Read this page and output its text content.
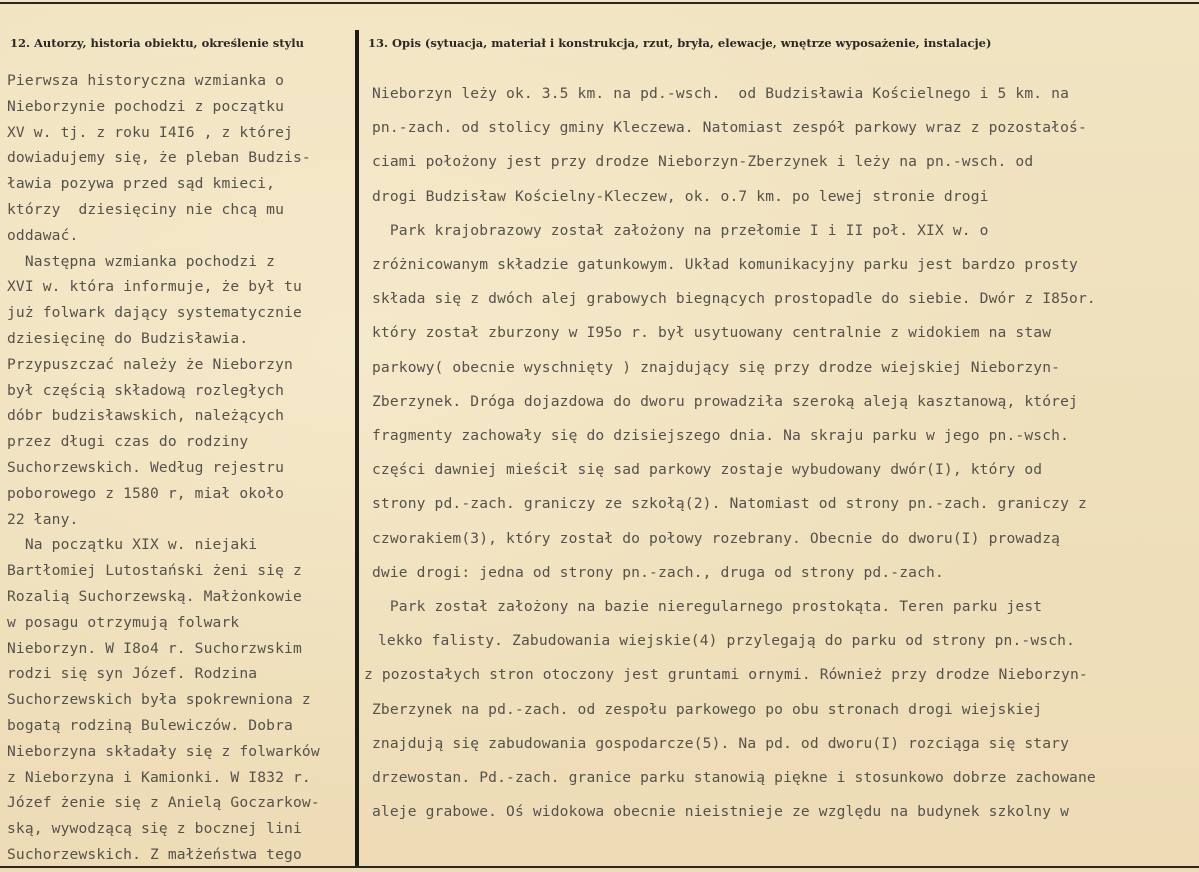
12. Autorzy, historia obiektu, określenie stylu	13. Opis (sytuacja, materiał i konstrukcja, rzut, bryła, elewacje, wnętrze wyposażenie, instalacje)
Pierwsza historyczna wzmianka o
Nieborzynie pochodzi z początku
XV w. tj. z roku I4I6 , z której
dowiadujemy się, że pleban Budzis-
ławia pozywa przed sąd kmieci,
którzy  dziesięciny nie chcą mu
oddawać.
Następna wzmianka pochodzi z
XVI w. która informuje, że był tu
już folwark dający systematycznie
dziesięcinę do Budzisławia.
Przypuszczać należy że Nieborzyn
był częścią składową rozległych
dóbr budzisławskich, należących
przez długi czas do rodziny
Suchorzewskich. Według rejestru
poborowego z 1580 r, miał około
22 łany.
Na początku XIX w. niejaki
Bartłomiej Lutostański żeni się z
Rozalią Suchorzewską. Małżonkowie
w posagu otrzymują folwark
Nieborzyn. W I8o4 r. Suchorzwskim
rodzi się syn Józef. Rodzina
Suchorzewskich była spokrewniona z
bogatą rodziną Bulewiczów. Dobra
Nieborzyna składały się z folwarków
z Nieborzyna i Kamionki. W I832 r.
Józef żenie się z Anielą Goczarkow-
ską, wywodzącą się z bocznej lini
Suchorzewskich. Z małżeństwa tego
Nieborzyn leży ok. 3.5 km. na pd.-wsch.  od Budzisławia Kościelnego i 5 km. na
pn.-zach. od stolicy gminy Kleczewa. Natomiast zespół parkowy wraz z pozostałoś-
ciami położony jest przy drodze Nieborzyn-Zberzynek i leży na pn.-wsch. od
drogi Budzisław Kościelny-Kleczew, ok. o.7 km. po lewej stronie drogi
Park krajobrazowy został założony na przełomie I i II poł. XIX w. o
zróżnicowanym składzie gatunkowym. Układ komunikacyjny parku jest bardzo prosty
składa się z dwóch alej grabowych biegnących prostopadle do siebie. Dwór z I85or.
który został zburzony w I95o r. był usytuowany centralnie z widokiem na staw
parkowy( obecnie wyschnięty ) znajdujący się przy drodze wiejskiej Nieborzyn-
Zberzynek. Dróga dojazdowa do dworu prowadziła szeroką aleją kasztanową, której
fragmenty zachowały się do dzisiejszego dnia. Na skraju parku w jego pn.-wsch.
części dawniej mieścił się sad parkowy zostaje wybudowany dwór(I), który od
strony pd.-zach. graniczy ze szkołą(2). Natomiast od strony pn.-zach. graniczy z
czworakiem(3), który został do połowy rozebrany. Obecnie do dworu(I) prowadzą
dwie drogi: jedna od strony pn.-zach., druga od strony pd.-zach.
Park został założony na bazie nieregularnego prostokąta. Teren parku jest
lekko falisty. Zabudowania wiejskie(4) przylegają do parku od strony pn.-wsch.
z pozostałych stron otoczony jest gruntami ornymi. Również przy drodze Nieborzyn-
Zberzynek na pd.-zach. od zespołu parkowego po obu stronach drogi wiejskiej
znajdują się zabudowania gospodarcze(5). Na pd. od dworu(I) rozciąga się stary
drzewostan. Pd.-zach. granice parku stanowią piękne i stosunkowo dobrze zachowane
aleje grabowe. Oś widokowa obecnie nieistnieje ze względu na budynek szkolny w
